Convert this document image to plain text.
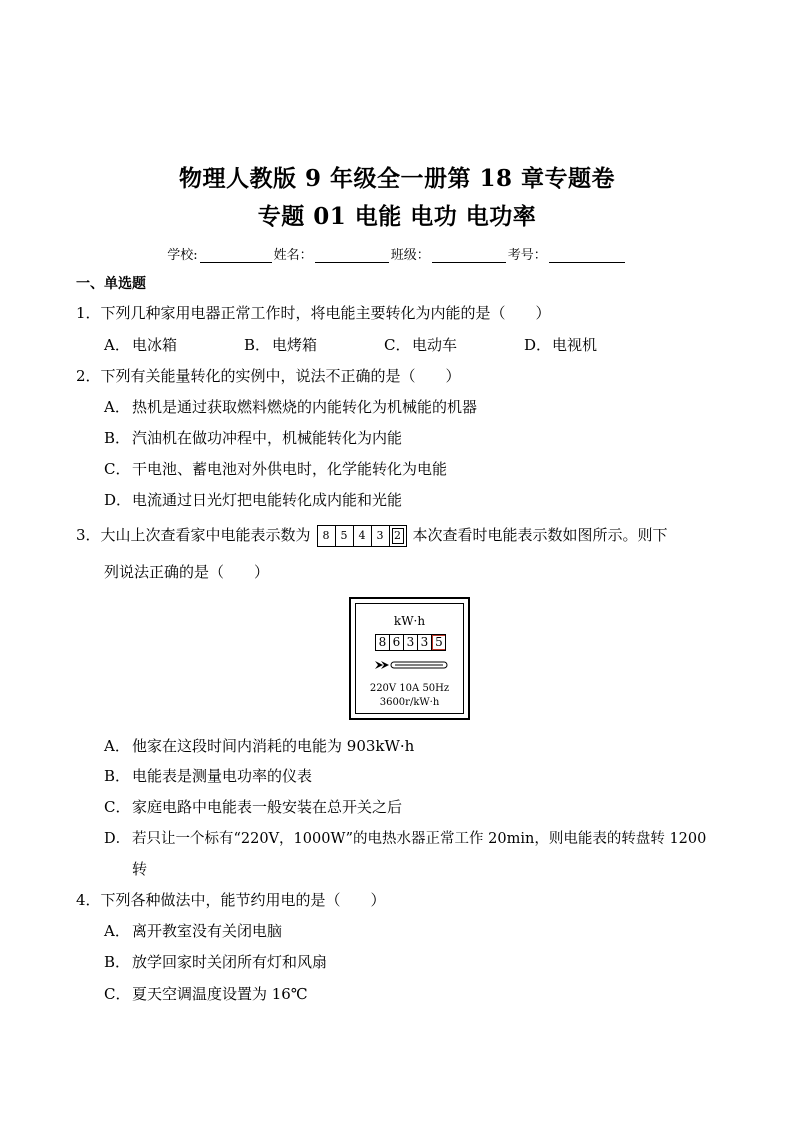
物理人教版 9 年级全一册第 18 章专题卷
专题 01 电能 电功 电功率
学校:	姓名：	班级：	考号：
一、单选题
1．下列几种家用电器正常工作时，将电能主要转化为内能的是（　　）
A． 电冰箱	B． 电烤箱	C． 电动车	D．电视机
2．下列有关能量转化的实例中，说法不正确的是（　　）
A． 热机是通过获取燃料燃烧的内能转化为机械能的机器
B． 汽油机在做功冲程中，机械能转化为内能
C． 干电池、蓄电池对外供电时，化学能转化为电能
D．电流通过日光灯把电能转化成内能和光能
3．大山上次查看家中电能表示数为	8	5	4	3 2 本次查看时电能表示数如图所示。则下
列说法正确的是（　　）
kW·h
8 6 3 3 5
220V 10A 50Hz
3600r/kW·h
A． 他家在这段时间内消耗的电能为 903kW·h
B． 电能表是测量电功率的仪表
C． 家庭电路中电能表一般安装在总开关之后
D． 若只让一个标有“220V，1000W”的电热水器正常工作 20min，则电能表的转盘转 1200
转
4．下列各种做法中，能节约用电的是（　　）
A． 离开教室没有关闭电脑
B． 放学回家时关闭所有灯和风扇
C． 夏天空调温度设置为 16℃
